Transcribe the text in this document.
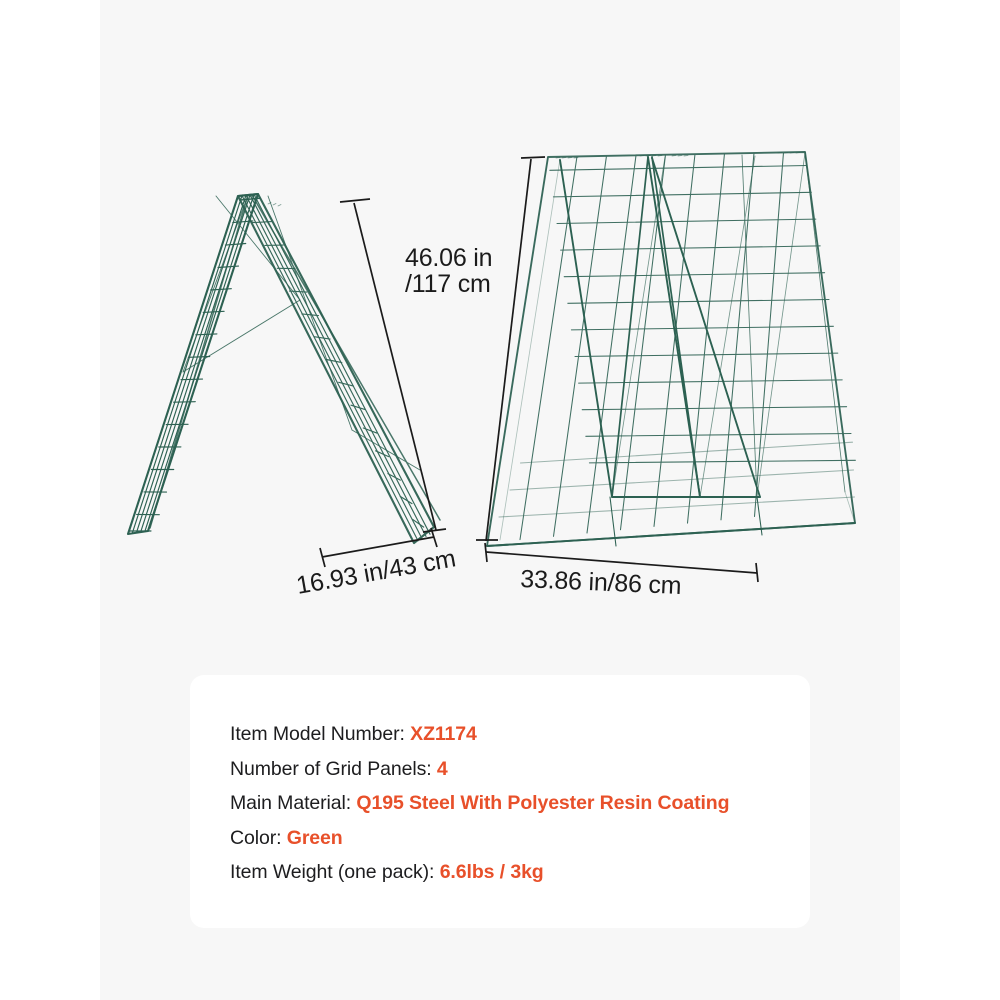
46.06 in
/117 cm
16.93 in/43 cm 33.86 in/86 cm
Item Model Number: XZ1174
Number of Grid Panels: 4
Main Material: Q195 Steel With Polyester Resin Coating
Color: Green
Item Weight (one pack): 6.6lbs / 3kg
